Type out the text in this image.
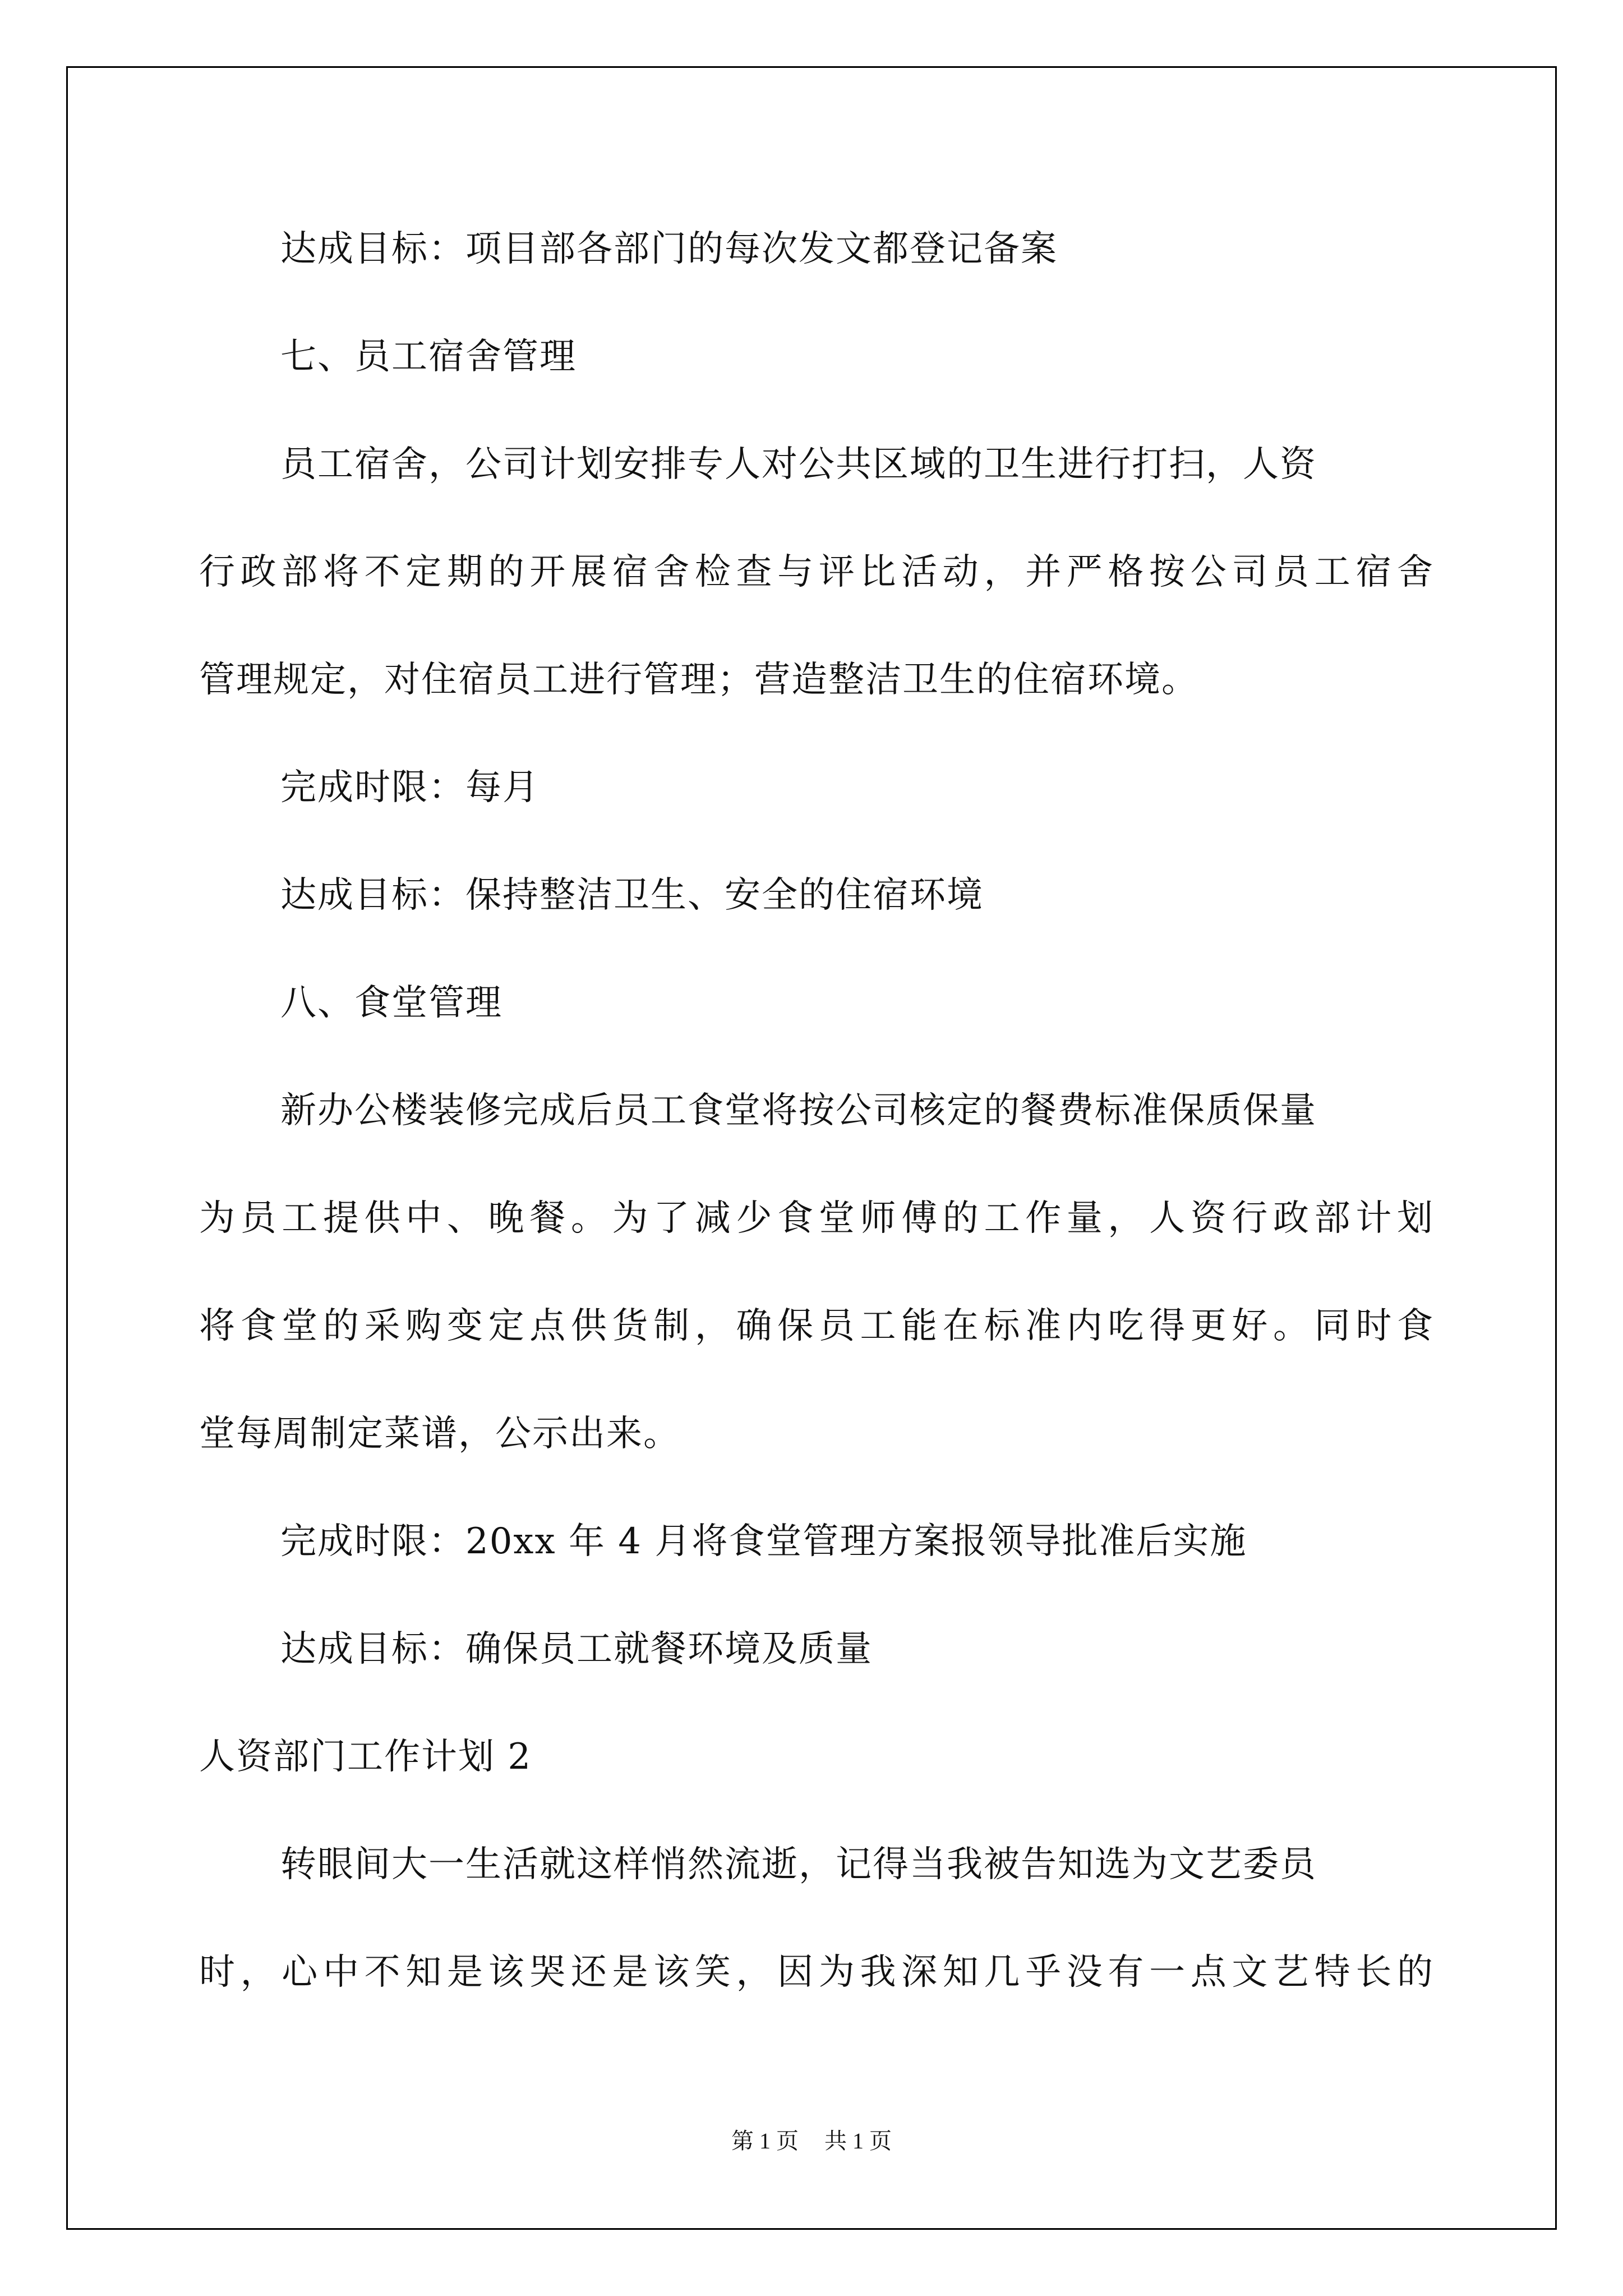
达成目标：项目部各部门的每次发文都登记备案
七、员工宿舍管理
员工宿舍，公司计划安排专人对公共区域的卫生进行打扫，人资
行政部将不定期的开展宿舍检查与评比活动，并严格按公司员工宿舍
管理规定，对住宿员工进行管理；营造整洁卫生的住宿环境。
完成时限：每月
达成目标：保持整洁卫生、安全的住宿环境
八、食堂管理
新办公楼装修完成后员工食堂将按公司核定的餐费标准保质保量
为员工提供中、晚餐。为了减少食堂师傅的工作量，人资行政部计划
将食堂的采购变定点供货制，确保员工能在标准内吃得更好。同时食
堂每周制定菜谱，公示出来。
完成时限：20xx 年 4 月将食堂管理方案报领导批准后实施
达成目标：确保员工就餐环境及质量
人资部门工作计划 2
转眼间大一生活就这样悄然流逝，记得当我被告知选为文艺委员
时，心中不知是该哭还是该笑，因为我深知几乎没有一点文艺特长的
第 1 页 共 1 页
